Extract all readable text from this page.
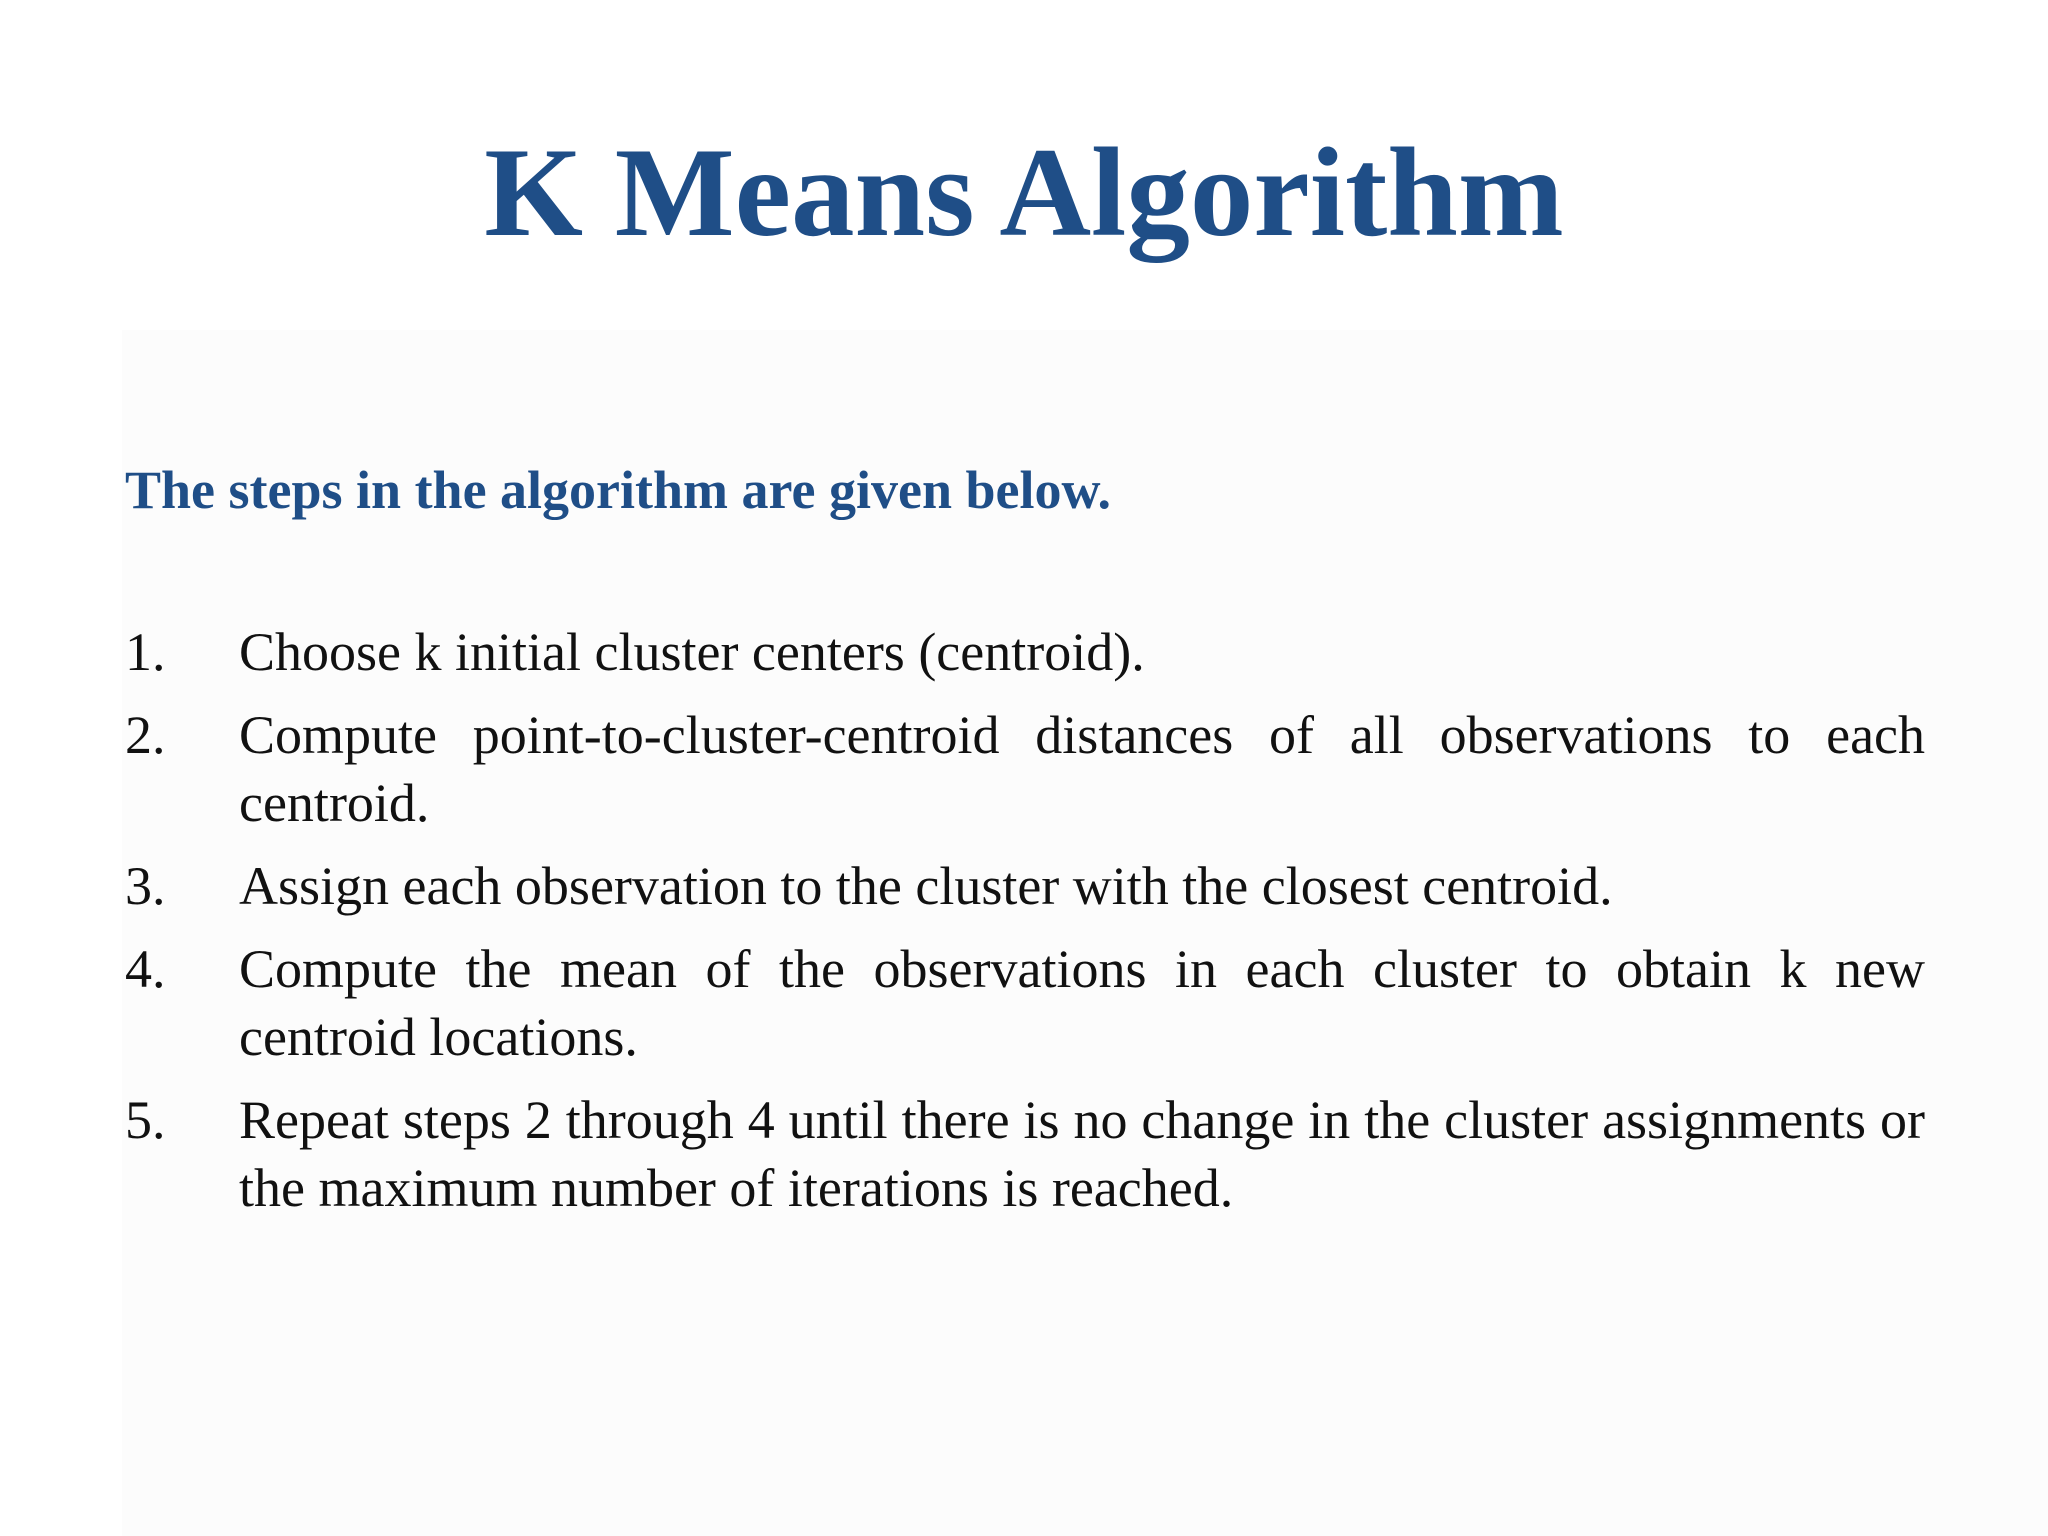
K Means Algorithm

The steps in the algorithm are given below.

1.	Choose k initial cluster centers (centroid).
2.	Compute point-to-cluster-centroid distances of all observations to each centroid.
3.	Assign each observation to the cluster with the closest centroid.
4.	Compute the mean of the observations in each cluster to obtain k new centroid locations.
5.	Repeat steps 2 through 4 until there is no change in the cluster assignments or the maximum number of iterations is reached.
